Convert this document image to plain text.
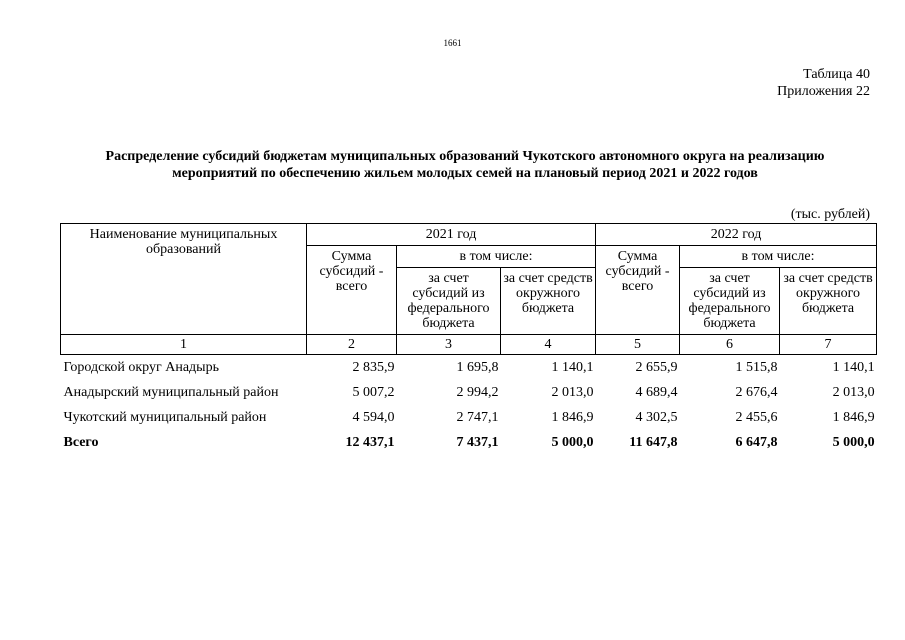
1661
Таблица 40
Приложения 22
Распределение субсидий бюджетам муниципальных образований Чукотского автономного округа на реализацию
мероприятий по обеспечению жильем молодых семей на плановый период 2021 и 2022 годов
(тыс. рублей)
Наименование муниципальных образований	2021 год			2022 год		
	Сумма субсидий - всего	в том числе:		Сумма субсидий - всего	в том числе:	
		за счет субсидий из федерального бюджета	за счет средств окружного бюджета		за счет субсидий из федерального бюджета	за счет средств окружного бюджета
1	2	3	4	5	6	7
Городской округ Анадырь	2 835,9	1 695,8	1 140,1	2 655,9	1 515,8	1 140,1
Анадырский муниципальный район	5 007,2	2 994,2	2 013,0	4 689,4	2 676,4	2 013,0
Чукотский муниципальный район	4 594,0	2 747,1	1 846,9	4 302,5	2 455,6	1 846,9
Всего	12 437,1	7 437,1	5 000,0	11 647,8	6 647,8	5 000,0
